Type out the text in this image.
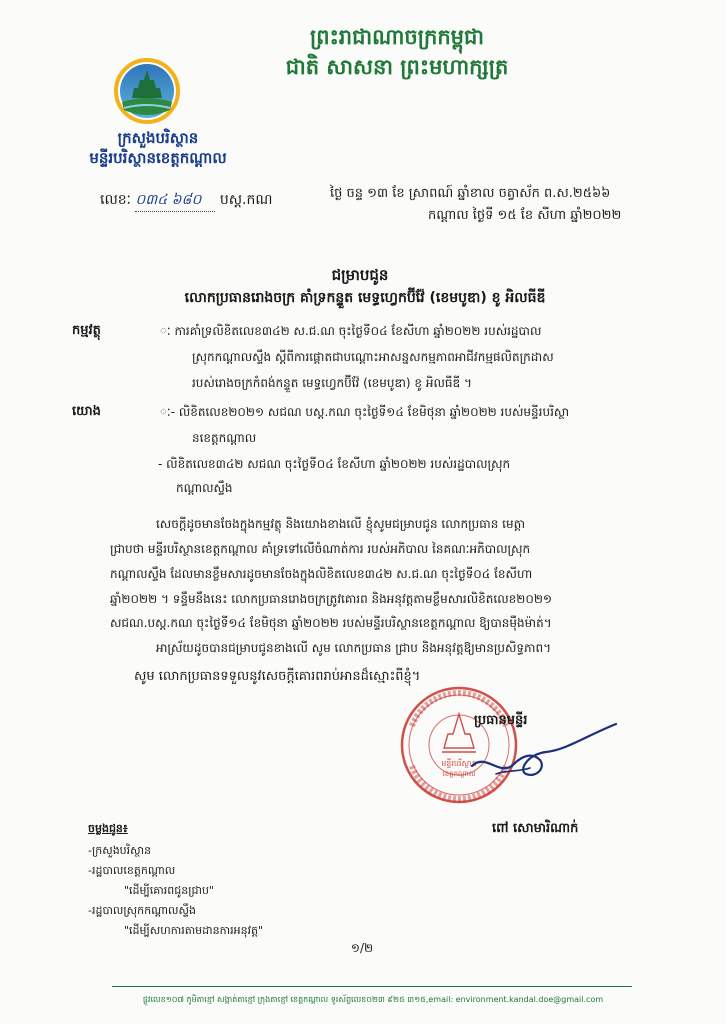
ព្រះរាជាណាចក្រកម្ពុជា
ជាតិ សាសនា ព្រះមហាក្សត្រ
ក្រសួងបរិស្ថាន
មន្ទីរបរិស្ថានខេត្តកណ្ដាល
លេខៈ ០៣៤ ៦៨០ បស្ត.កណ	ថ្ងៃ ចន្ទ ១៣ ខែ ស្រាពណ៍ ឆ្នាំខាល ចត្វាស័ក ព.ស.២៥៦៦
កណ្ដាល ថ្ងៃទី ១៥ ខែ សីហា ឆ្នាំ២០២២
ជម្រាបជូន
លោកប្រធានរោងចក្រ គាំទ្រកន្ទួត មេទ្ធហ្វេកប៊ីវ៉ែ (ខេមបូឌា) ខូ អិលធីឌី
កម្មវត្ថុ	ៈ ការគាំទ្រលិខិតលេខ៣៤២ ស.ជ.ណ ចុះថ្ងៃទី០៤ ខែសីហា ឆ្នាំ២០២២ របស់រដ្ឋបាល
ស្រុកកណ្ដាលស្ទឹង ស្ដីពីការផ្ដោតជាបណ្ដោះអាសន្នសកម្មភាពអាជីវកម្មផលិតក្រដាស
របស់រោងចក្រកំពង់កន្ទួត មេទ្ធហ្វេកប៊ីវ៉ែ (ខេមបូឌា) ខូ អិលធីឌី ។
យោង	ៈ- លិខិតលេខ២០២១ សជណ បស្ត.កណ ចុះថ្ងៃទី១៤ ខែមិថុនា ឆ្នាំ២០២២ របស់មន្ទីរបរិស្ថា
នខេត្តកណ្ដាល
- លិខិតលេខ៣៤២ សជណ ចុះថ្ងៃទី០៤ ខែសីហា ឆ្នាំ២០២២ របស់រដ្ឋបាលស្រុក
កណ្ដាលស្ទឹង
សេចក្ដីដូចមានចែងក្នុងកម្មវត្ថុ និងយោងខាងលើ ខ្ញុំសូមជម្រាបជូន លោកប្រធាន មេត្តា
ជ្រាបថា មន្ទីរបរិស្ថានខេត្តកណ្ដាល គាំទ្រទៅលើចំណាត់ការ របស់អភិបាល នៃគណៈអភិបាលស្រុក
កណ្ដាលស្ទឹង ដែលមានខ្លឹមសារដូចមានចែងក្នុងលិខិតលេខ៣៤២ ស.ជ.ណ ចុះថ្ងៃទី០៤ ខែសីហា
ឆ្នាំ២០២២ ។ ទន្ទឹមនឹងនេះ លោកប្រធានរោងចក្រត្រូវគោរព និងអនុវត្តតាមខ្លឹមសារលិខិតលេខ២០២១
សជណ.បស្ត.កណ ចុះថ្ងៃទី១៤ ខែមិថុនា ឆ្នាំ២០២២ របស់មន្ទីរបរិស្ថានខេត្តកណ្ដាល ឱ្យបានម៉ឺងម៉ាត់។
អាស្រ័យដូចបានជម្រាបជូនខាងលើ សូម លោកប្រធាន ជ្រាប និងអនុវត្តឱ្យមានប្រសិទ្ធភាព។
សូម លោកប្រធានទទួលនូវសេចក្ដីគោរពរាប់អានដ៏ស្មោះពីខ្ញុំ។
មន្ទីរបរិស្ថាន
ខេត្តកណ្ដាល
ប្រធានមន្ទីរ
ពៅ សោមារិណាក់
ចម្លងជូន៖
-ក្រសួងបរិស្ថាន
-រដ្ឋបាលខេត្តកណ្ដាល
"ដើម្បីគោរពជូនជ្រាប"
-រដ្ឋបាលស្រុកកណ្ដាលស្ទឹង
"ដើម្បីសហការតាមដានការអនុវត្ត"
១/២
ផ្លូវលេខ១០៧ ភូមិតាខ្មៅ សង្កាត់តាខ្មៅ ក្រុងតាខ្មៅ ខេត្តកណ្ដាល ទូរស័ព្ទលេខ០២៣ ៩២៥ ៣១៥,email: environment.kandal.doe@gmail.com
